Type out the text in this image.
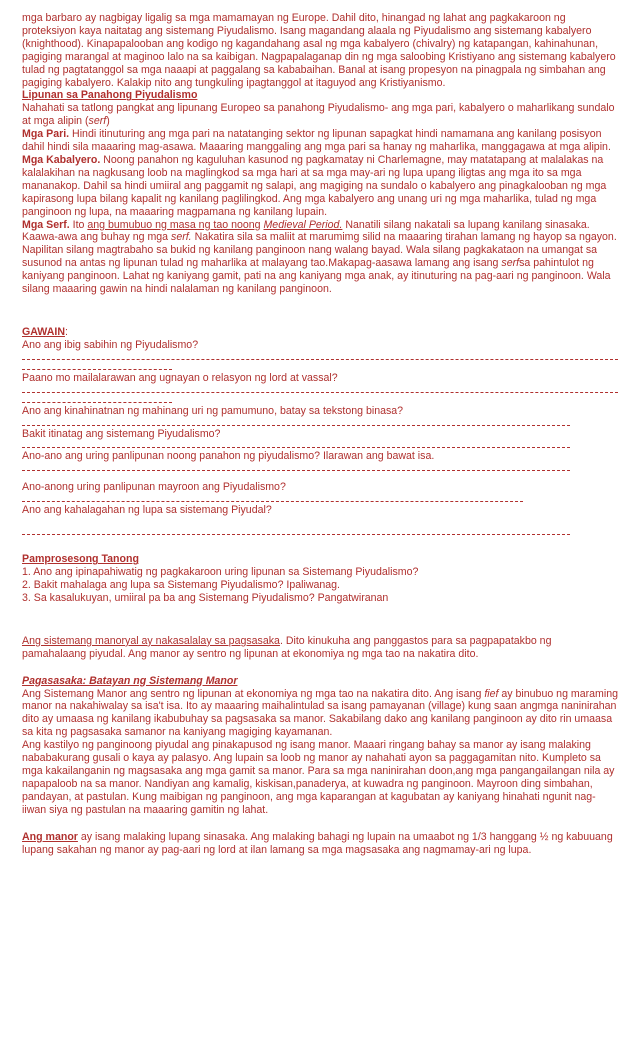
mga barbaro ay nagbigay ligalig sa mga mamamayan ng Europe. Dahil dito, hinangad ng lahat ang pagkakaroon ng proteksiyon kaya naitatag ang sistemang Piyudalismo. Isang magandang alaala ng Piyudalismo ang sistemang kabalyero (knighthood). Kinapapalooban ang kodigo ng kagandahang asal ng mga kabalyero (chivalry) ng katapangan, kahinahunan, pagiging marangal at maginoo lalo na sa kaibigan. Nagpapalaganap din ng mga saloobing Kristiyano ang sistemang kabalyero tulad ng pagtatanggol sa mga naaapi at paggalang sa kababaihan. Banal at isang propesyon na pinagpala ng simbahan ang pagiging kabalyero. Kalakip nito ang tungkuling ipagtanggol at itaguyod ang Kristiyanismo.

Lipunan sa Panahong Piyudalismo

Nahahati sa tatlong pangkat ang lipunang Europeo sa panahong Piyudalismo- ang mga pari, kabalyero o maharlikang sundalo at mga alipin (serf)

Mga Pari. Hindi itinuturing ang mga pari na natatanging sektor ng lipunan sapagkat hindi namamana ang kanilang posisyon dahil hindi sila maaaring mag-asawa. Maaaring manggaling ang mga pari sa hanay ng maharlika, manggagawa at mga alipin.

Mga Kabalyero. Noong panahon ng kaguluhan kasunod ng pagkamatay ni Charlemagne, may matatapang at malalakas na kalalakihan na nagkusang loob na maglingkod sa mga hari at sa mga may-ari ng lupa upang iligtas ang mga ito sa mga mananakop. Dahil sa hindi umiiral ang paggamit ng salapi, ang magiging na sundalo o kabalyero ang pinagkalooban ng mga kapirasong lupa bilang kapalit ng kanilang paglilingkod. Ang mga kabalyero ang unang uri ng mga maharlika, tulad ng mga panginoon ng lupa, na maaaring magpamana ng kanilang lupain.

Mga Serf. Ito ang bumubuo ng masa ng tao noong Medieval Period. Nanatili silang nakatali sa lupang kanilang sinasaka. Kaawa-awa ang buhay ng mga serf. Nakatira sila sa maliit at marumimg silid na maaaring tirahan lamang ng hayop sa ngayon. Napilitan silang magtrabaho sa bukid ng kanilang panginoon nang walang bayad. Wala silang pagkakataon na umangat sa susunod na antas ng lipunan tulad ng maharlika at malayang tao.Makapag-aasawa lamang ang isang serfsa pahintulot ng kaniyang panginoon. Lahat ng kaniyang gamit, pati na ang kaniyang mga anak, ay itinuturing na pag-aari ng panginoon. Wala silang maaaring gawin na hindi nalalaman ng kanilang panginoon.

GAWAIN:

Ano ang ibig sabihin ng Piyudalismo?

Paano mo mailalarawan ang ugnayan o relasyon ng lord at vassal?

Ano ang kinahinatnan ng mahinang uri ng pamumuno, batay sa tekstong binasa?

Bakit itinatag ang sistemang Piyudalismo?

Ano-ano ang uring panlipunan noong panahon ng piyudalismo? Ilarawan ang bawat isa.

Ano-anong uring panlipunan mayroon ang Piyudalismo?

Ano ang kahalagahan ng lupa sa sistemang Piyudal?

Pamprosesong Tanong

1. Ano ang ipinapahiwatig ng pagkakaroon uring lipunan sa Sistemang Piyudalismo?

2. Bakit mahalaga ang lupa sa Sistemang Piyudalismo? Ipaliwanag.

3. Sa kasalukuyan, umiiral pa ba ang Sistemang Piyudalismo? Pangatwiranan

Ang sistemang manoryal ay nakasalalay sa pagsasaka. Dito kinukuha ang panggastos para sa pagpapatakbo ng pamahalaang piyudal. Ang manor ay sentro ng lipunan at ekonomiya ng mga tao na nakatira dito.

Pagasasaka: Batayan ng Sistemang Manor

Ang Sistemang Manor ang sentro ng lipunan at ekonomiya ng mga tao na nakatira dito. Ang isang fief ay binubuo ng maraming manor na nakahiwalay sa isa't isa. Ito ay maaaring maihalintulad sa isang pamayanan (village) kung saan angmga naninirahan dito ay umaasa ng kanilang ikabubuhay sa pagsasaka sa manor. Sakabilang dako ang kanilang panginoon ay dito rin umaasa sa kita ng pagsasaka samanor na kaniyang magiging kayamanan.

Ang kastilyo ng panginoong piyudal ang pinakapusod ng isang manor. Maaari ringang bahay sa manor ay isang malaking nababakurang gusali o kaya ay palasyo. Ang lupain sa loob ng manor ay nahahati ayon sa paggagamitan nito. Kumpleto sa mga kakailanganin ng magsasaka ang mga gamit sa manor. Para sa mga naninirahan doon,ang mga pangangailangan nila ay napapaloob na sa manor. Nandiyan ang kamalig, kiskisan,panaderya, at kuwadra ng panginoon. Mayroon ding simbahan, pandayan, at pastulan. Kung maibigan ng panginoon, ang mga kaparangan at kagubatan ay kaniyang hinahati ngunit nag-iiwan siya ng pastulan na maaaring gamitin ng lahat.

Ang manor ay isang malaking lupang sinasaka. Ang malaking bahagi ng lupain na umaabot ng 1/3 hanggang ½ ng kabuuang lupang sakahan ng manor ay pag-aari ng lord at ilan lamang sa mga magsasaka ang nagmamay-ari ng lupa.
